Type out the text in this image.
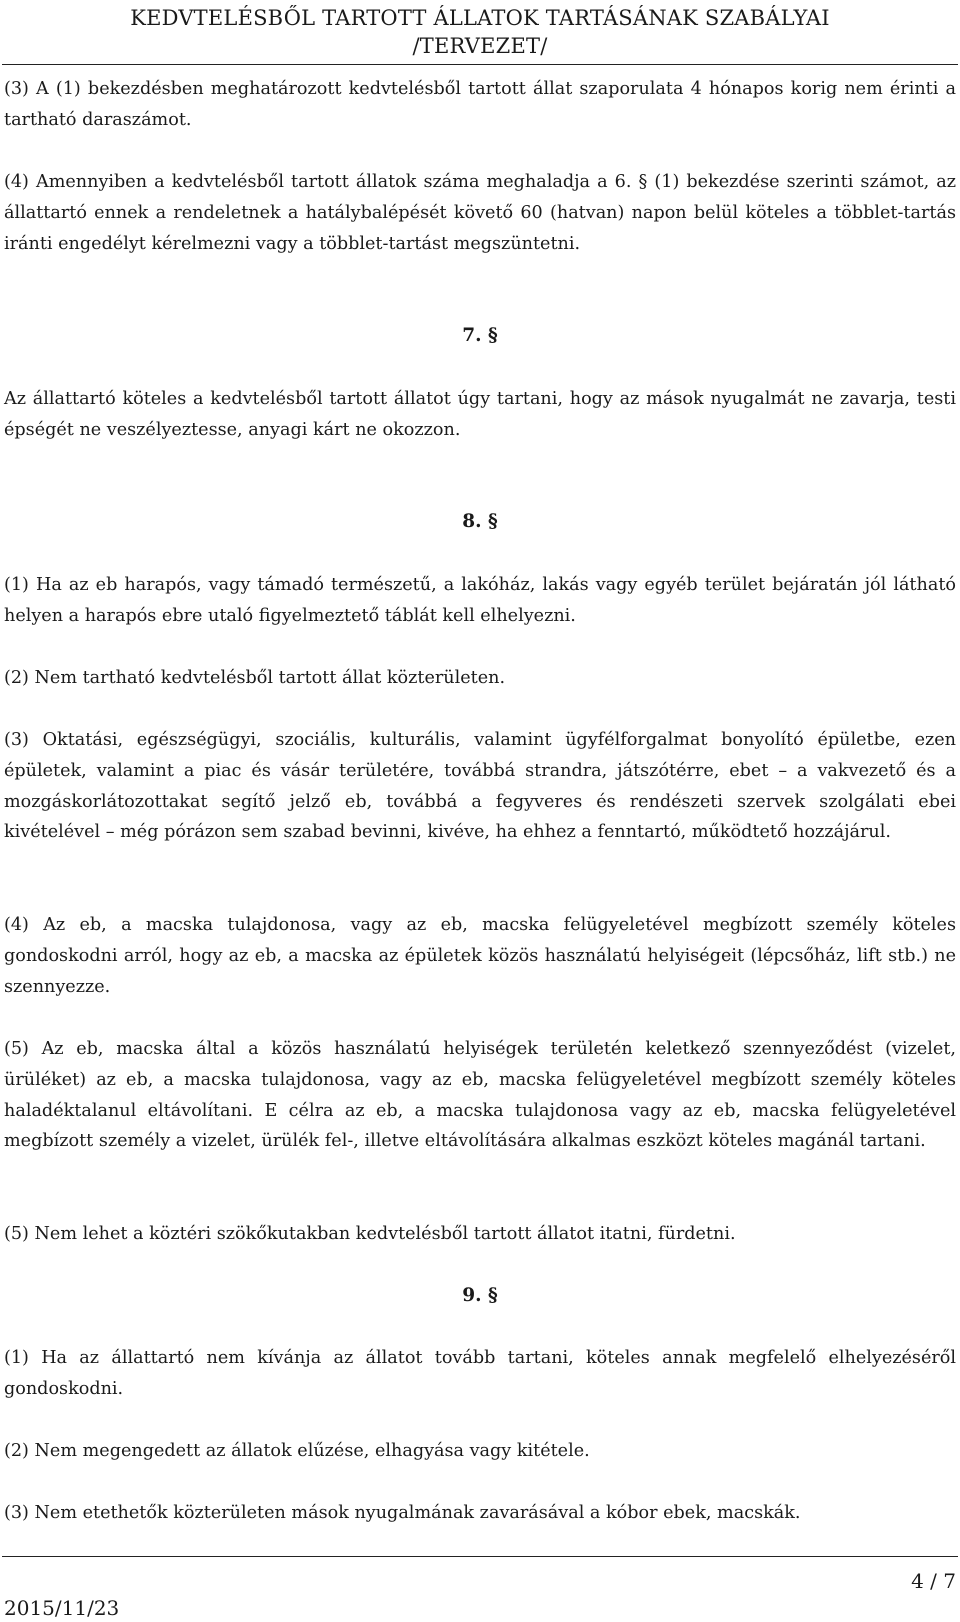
KEDVTELÉSBŐL TARTOTT ÁLLATOK TARTÁSÁNAK SZABÁLYAI
/TERVEZET/

(3) A (1) bekezdésben meghatározott kedvtelésből tartott állat szaporulata 4 hónapos korig nem érinti a tartható daraszámot.

(4) Amennyiben a kedvtelésből tartott állatok száma meghaladja a 6. § (1) bekezdése szerinti számot, az állattartó ennek a rendeletnek a hatálybalépését követő 60 (hatvan) napon belül köteles a többlet-tartás iránti engedélyt kérelmezni vagy a többlet-tartást megszüntetni.

7. §

Az állattartó köteles a kedvtelésből tartott állatot úgy tartani, hogy az mások nyugalmát ne zavarja, testi épségét ne veszélyeztesse, anyagi kárt ne okozzon.

8. §

(1) Ha az eb harapós, vagy támadó természetű, a lakóház, lakás vagy egyéb terület bejáratán jól látható helyen a harapós ebre utaló figyelmeztető táblát kell elhelyezni.

(2) Nem tartható kedvtelésből tartott állat közterületen.

(3) Oktatási, egészségügyi, szociális, kulturális, valamint ügyfélforgalmat bonyolító épületbe, ezen épületek, valamint a piac és vásár területére, továbbá strandra, játszótérre, ebet – a vakvezető és a mozgáskorlátozottakat segítő jelző eb, továbbá a fegyveres és rendészeti szervek szolgálati ebei kivételével – még pórázon sem szabad bevinni, kivéve, ha ehhez a fenntartó, működtető hozzájárul.

(4) Az eb, a macska tulajdonosa, vagy az eb, macska felügyeletével megbízott személy köteles gondoskodni arról, hogy az eb, a macska az épületek közös használatú helyiségeit (lépcsőház, lift stb.) ne szennyezze.

(5) Az eb, macska által a közös használatú helyiségek területén keletkező szennyeződést (vizelet, ürüléket) az eb, a macska tulajdonosa, vagy az eb, macska felügyeletével megbízott személy köteles haladéktalanul eltávolítani. E célra az eb, a macska tulajdonosa vagy az eb, macska felügyeletével megbízott személy a vizelet, ürülék fel-, illetve eltávolítására alkalmas eszközt köteles magánál tartani.

(5) Nem lehet a köztéri szökőkutakban kedvtelésből tartott állatot itatni, fürdetni.

9. §

(1) Ha az állattartó nem kívánja az állatot tovább tartani, köteles annak megfelelő elhelyezéséről gondoskodni.

(2) Nem megengedett az állatok elűzése, elhagyása vagy kitétele.

(3) Nem etethetők közterületen mások nyugalmának zavarásával a kóbor ebek, macskák.

4 / 7
2015/11/23
